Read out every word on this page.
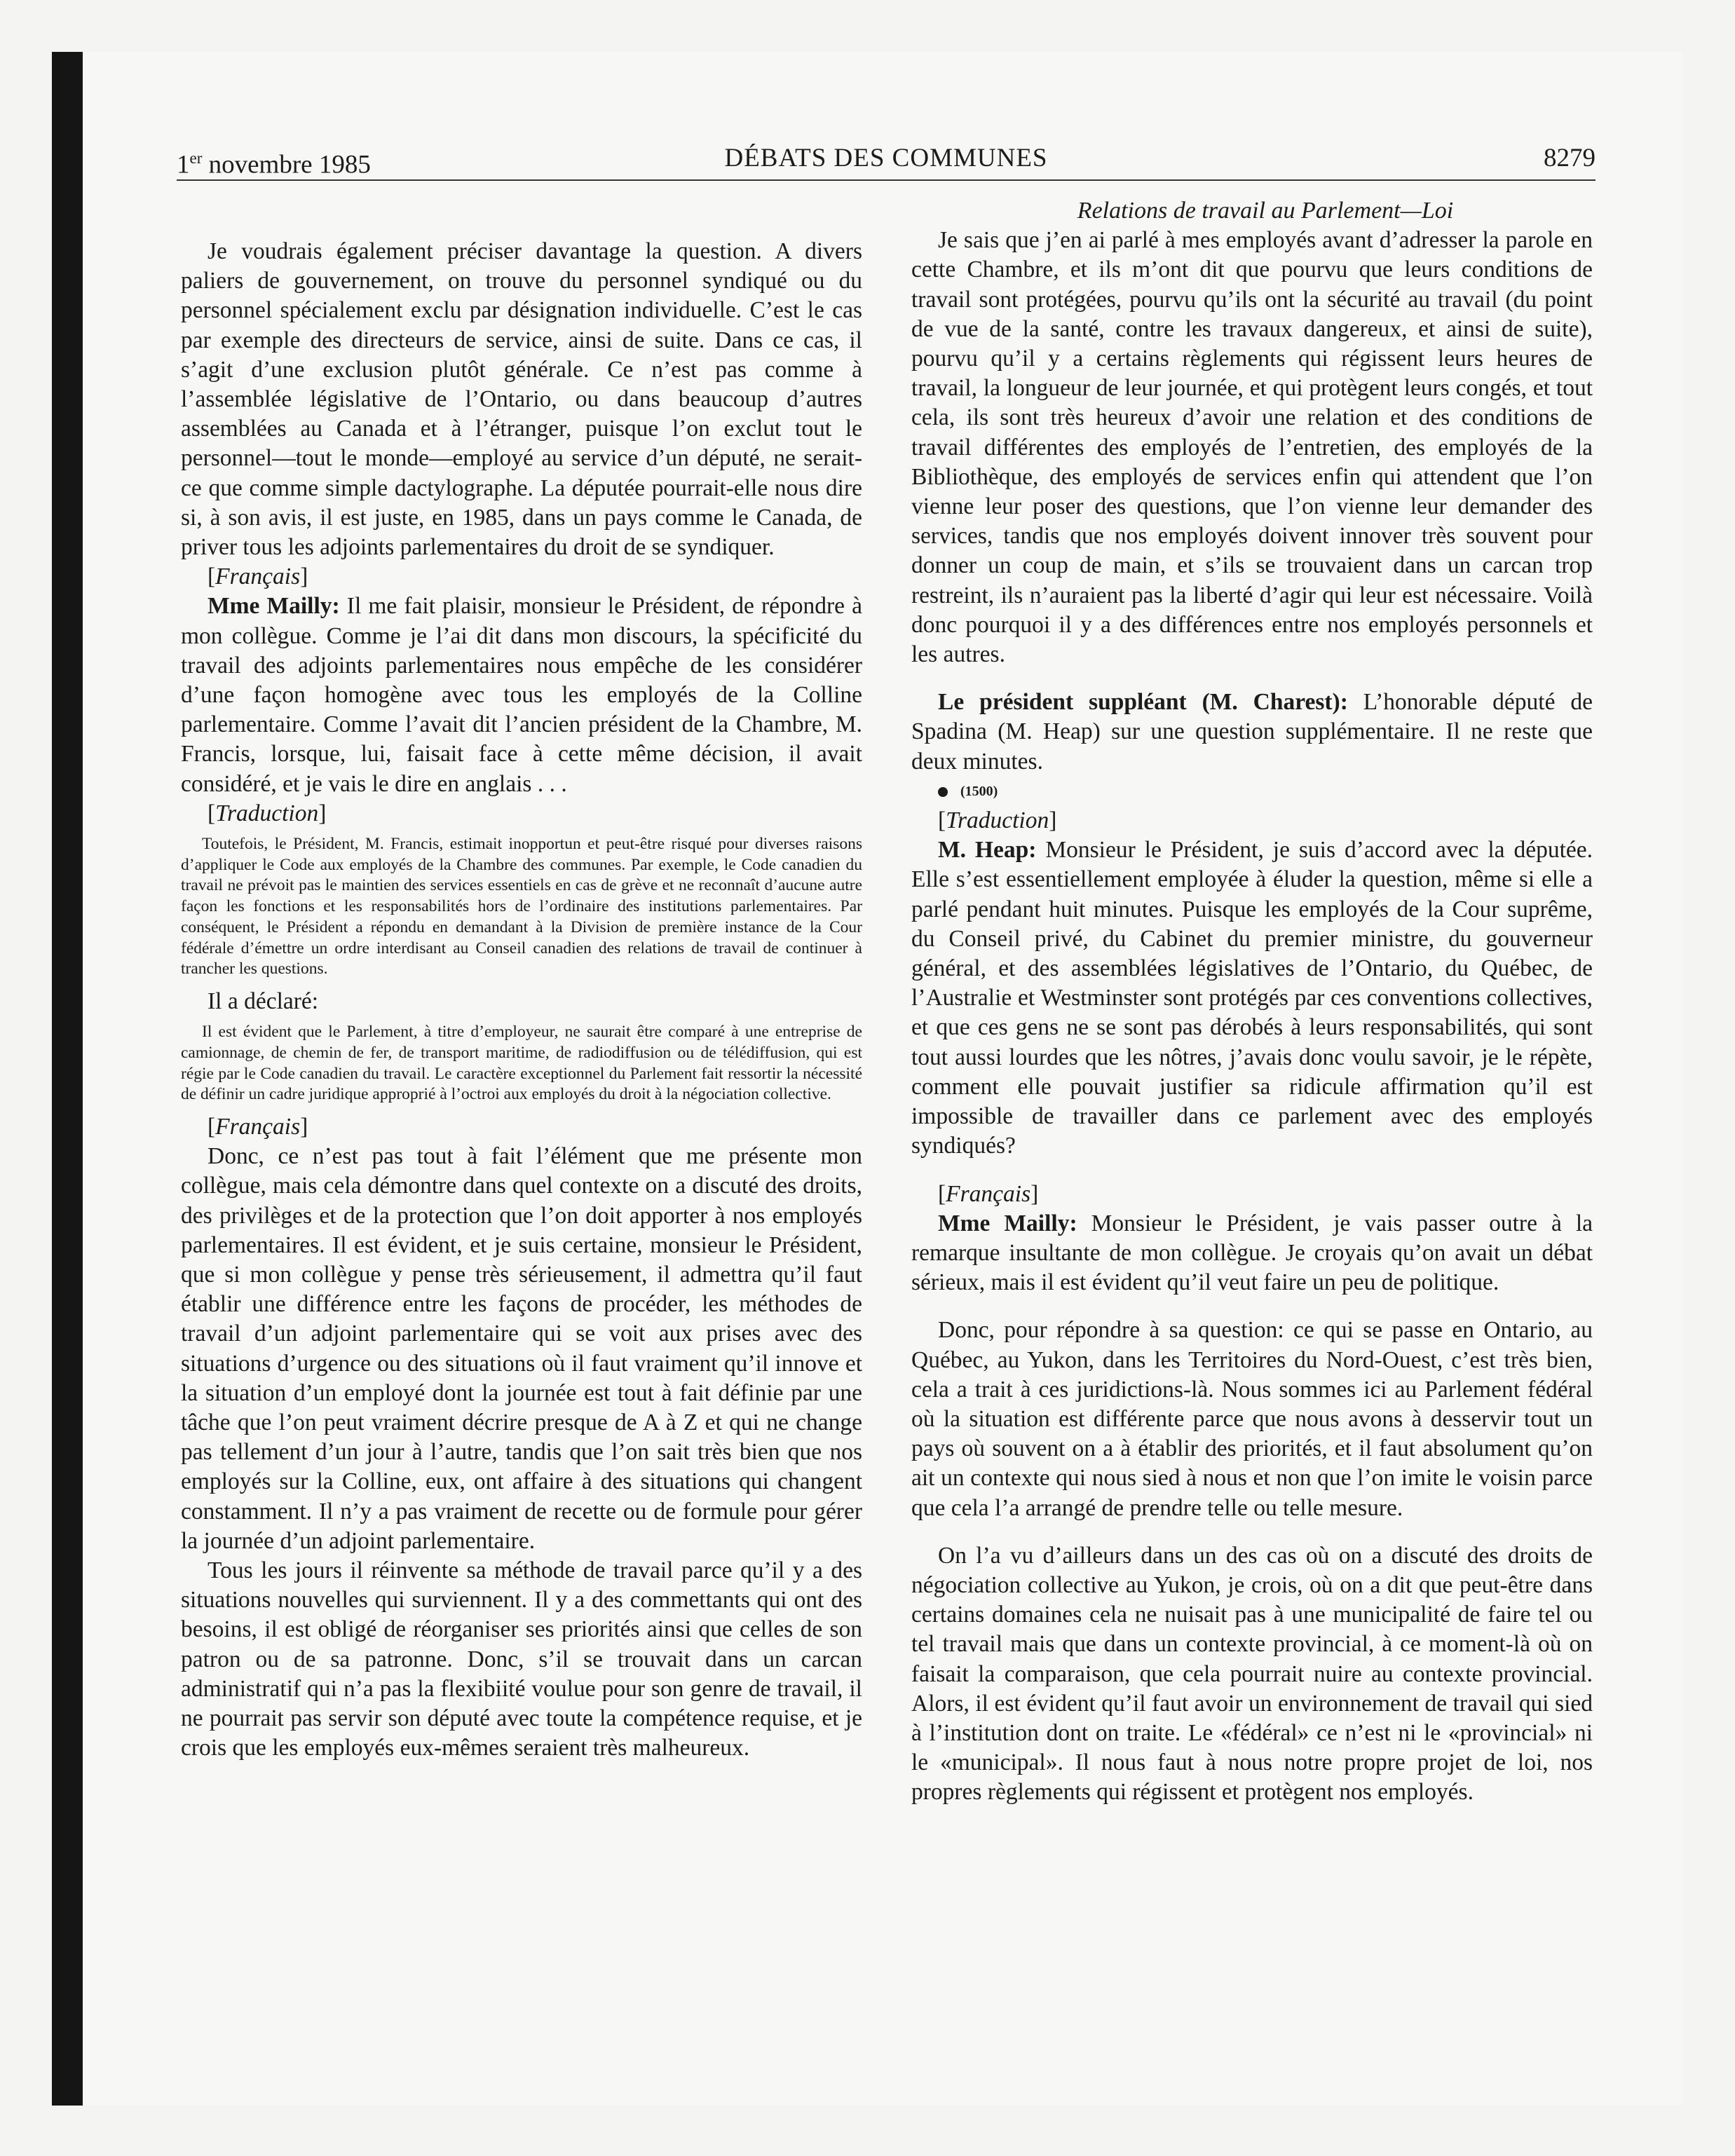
1er novembre 1985	DÉBATS DES COMMUNES	8279

Je voudrais également préciser davantage la question. A divers paliers de gouvernement, on trouve du personnel syndiqué ou du personnel spécialement exclu par désignation individuelle. C’est le cas par exemple des directeurs de service, ainsi de suite. Dans ce cas, il s’agit d’une exclusion plutôt générale. Ce n’est pas comme à l’assemblée législative de l’Ontario, ou dans beaucoup d’autres assemblées au Canada et à l’étranger, puisque l’on exclut tout le personnel—tout le monde—employé au service d’un député, ne serait-ce que comme simple dactylographe. La députée pourrait-elle nous dire si, à son avis, il est juste, en 1985, dans un pays comme le Canada, de priver tous les adjoints parlementaires du droit de se syndiquer.

[Français]

Mme Mailly: Il me fait plaisir, monsieur le Président, de répondre à mon collègue. Comme je l’ai dit dans mon discours, la spécificité du travail des adjoints parlementaires nous empêche de les considérer d’une façon homogène avec tous les employés de la Colline parlementaire. Comme l’avait dit l’ancien président de la Chambre, M. Francis, lorsque, lui, faisait face à cette même décision, il avait considéré, et je vais le dire en anglais . . .

[Traduction]

Toutefois, le Président, M. Francis, estimait inopportun et peut-être risqué pour diverses raisons d’appliquer le Code aux employés de la Chambre des communes. Par exemple, le Code canadien du travail ne prévoit pas le maintien des services essentiels en cas de grève et ne reconnaît d’aucune autre façon les fonctions et les responsabilités hors de l’ordinaire des institutions parlementaires. Par conséquent, le Président a répondu en demandant à la Division de première instance de la Cour fédérale d’émettre un ordre interdisant au Conseil canadien des relations de travail de continuer à trancher les questions.

Il a déclaré:

Il est évident que le Parlement, à titre d’employeur, ne saurait être comparé à une entreprise de camionnage, de chemin de fer, de transport maritime, de radiodiffusion ou de télédiffusion, qui est régie par le Code canadien du travail. Le caractère exceptionnel du Parlement fait ressortir la nécessité de définir un cadre juridique approprié à l’octroi aux employés du droit à la négociation collective.

[Français]

Donc, ce n’est pas tout à fait l’élément que me présente mon collègue, mais cela démontre dans quel contexte on a discuté des droits, des privilèges et de la protection que l’on doit apporter à nos employés parlementaires. Il est évident, et je suis certaine, monsieur le Président, que si mon collègue y pense très sérieusement, il admettra qu’il faut établir une différence entre les façons de procéder, les méthodes de travail d’un adjoint parlementaire qui se voit aux prises avec des situations d’urgence ou des situations où il faut vraiment qu’il innove et la situation d’un employé dont la journée est tout à fait définie par une tâche que l’on peut vraiment décrire presque de A à Z et qui ne change pas tellement d’un jour à l’autre, tandis que l’on sait très bien que nos employés sur la Colline, eux, ont affaire à des situations qui changent constamment. Il n’y a pas vraiment de recette ou de formule pour gérer la journée d’un adjoint parlementaire.

Tous les jours il réinvente sa méthode de travail parce qu’il y a des situations nouvelles qui surviennent. Il y a des commettants qui ont des besoins, il est obligé de réorganiser ses priorités ainsi que celles de son patron ou de sa patronne. Donc, s’il se trouvait dans un carcan administratif qui n’a pas la flexibiité voulue pour son genre de travail, il ne pourrait pas servir son député avec toute la compétence requise, et je crois que les employés eux-mêmes seraient très malheureux.

Relations de travail au Parlement—Loi

Je sais que j’en ai parlé à mes employés avant d’adresser la parole en cette Chambre, et ils m’ont dit que pourvu que leurs conditions de travail sont protégées, pourvu qu’ils ont la sécurité au travail (du point de vue de la santé, contre les travaux dangereux, et ainsi de suite), pourvu qu’il y a certains règlements qui régissent leurs heures de travail, la longueur de leur journée, et qui protègent leurs congés, et tout cela, ils sont très heureux d’avoir une relation et des conditions de travail différentes des employés de l’entretien, des employés de la Bibliothèque, des employés de services enfin qui attendent que l’on vienne leur poser des questions, que l’on vienne leur demander des services, tandis que nos employés doivent innover très souvent pour donner un coup de main, et s’ils se trouvaient dans un carcan trop restreint, ils n’auraient pas la liberté d’agir qui leur est nécessaire. Voilà donc pourquoi il y a des différences entre nos employés personnels et les autres.

Le président suppléant (M. Charest): L’honorable député de Spadina (M. Heap) sur une question supplémentaire. Il ne reste que deux minutes.

(1500)

[Traduction]

M. Heap: Monsieur le Président, je suis d’accord avec la députée. Elle s’est essentiellement employée à éluder la question, même si elle a parlé pendant huit minutes. Puisque les employés de la Cour suprême, du Conseil privé, du Cabinet du premier ministre, du gouverneur général, et des assemblées législatives de l’Ontario, du Québec, de l’Australie et Westminster sont protégés par ces conventions collectives, et que ces gens ne se sont pas dérobés à leurs responsabilités, qui sont tout aussi lourdes que les nôtres, j’avais donc voulu savoir, je le répète, comment elle pouvait justifier sa ridicule affirmation qu’il est impossible de travailler dans ce parlement avec des employés syndiqués?

[Français]

Mme Mailly: Monsieur le Président, je vais passer outre à la remarque insultante de mon collègue. Je croyais qu’on avait un débat sérieux, mais il est évident qu’il veut faire un peu de politique.

Donc, pour répondre à sa question: ce qui se passe en Ontario, au Québec, au Yukon, dans les Territoires du Nord-Ouest, c’est très bien, cela a trait à ces juridictions-là. Nous sommes ici au Parlement fédéral où la situation est différente parce que nous avons à desservir tout un pays où souvent on a à établir des priorités, et il faut absolument qu’on ait un contexte qui nous sied à nous et non que l’on imite le voisin parce que cela l’a arrangé de prendre telle ou telle mesure.

On l’a vu d’ailleurs dans un des cas où on a discuté des droits de négociation collective au Yukon, je crois, où on a dit que peut-être dans certains domaines cela ne nuisait pas à une municipalité de faire tel ou tel travail mais que dans un contexte provincial, à ce moment-là où on faisait la comparaison, que cela pourrait nuire au contexte provincial. Alors, il est évident qu’il faut avoir un environnement de travail qui sied à l’institution dont on traite. Le «fédéral» ce n’est ni le «provincial» ni le «municipal». Il nous faut à nous notre propre projet de loi, nos propres règlements qui régissent et protègent nos employés.
